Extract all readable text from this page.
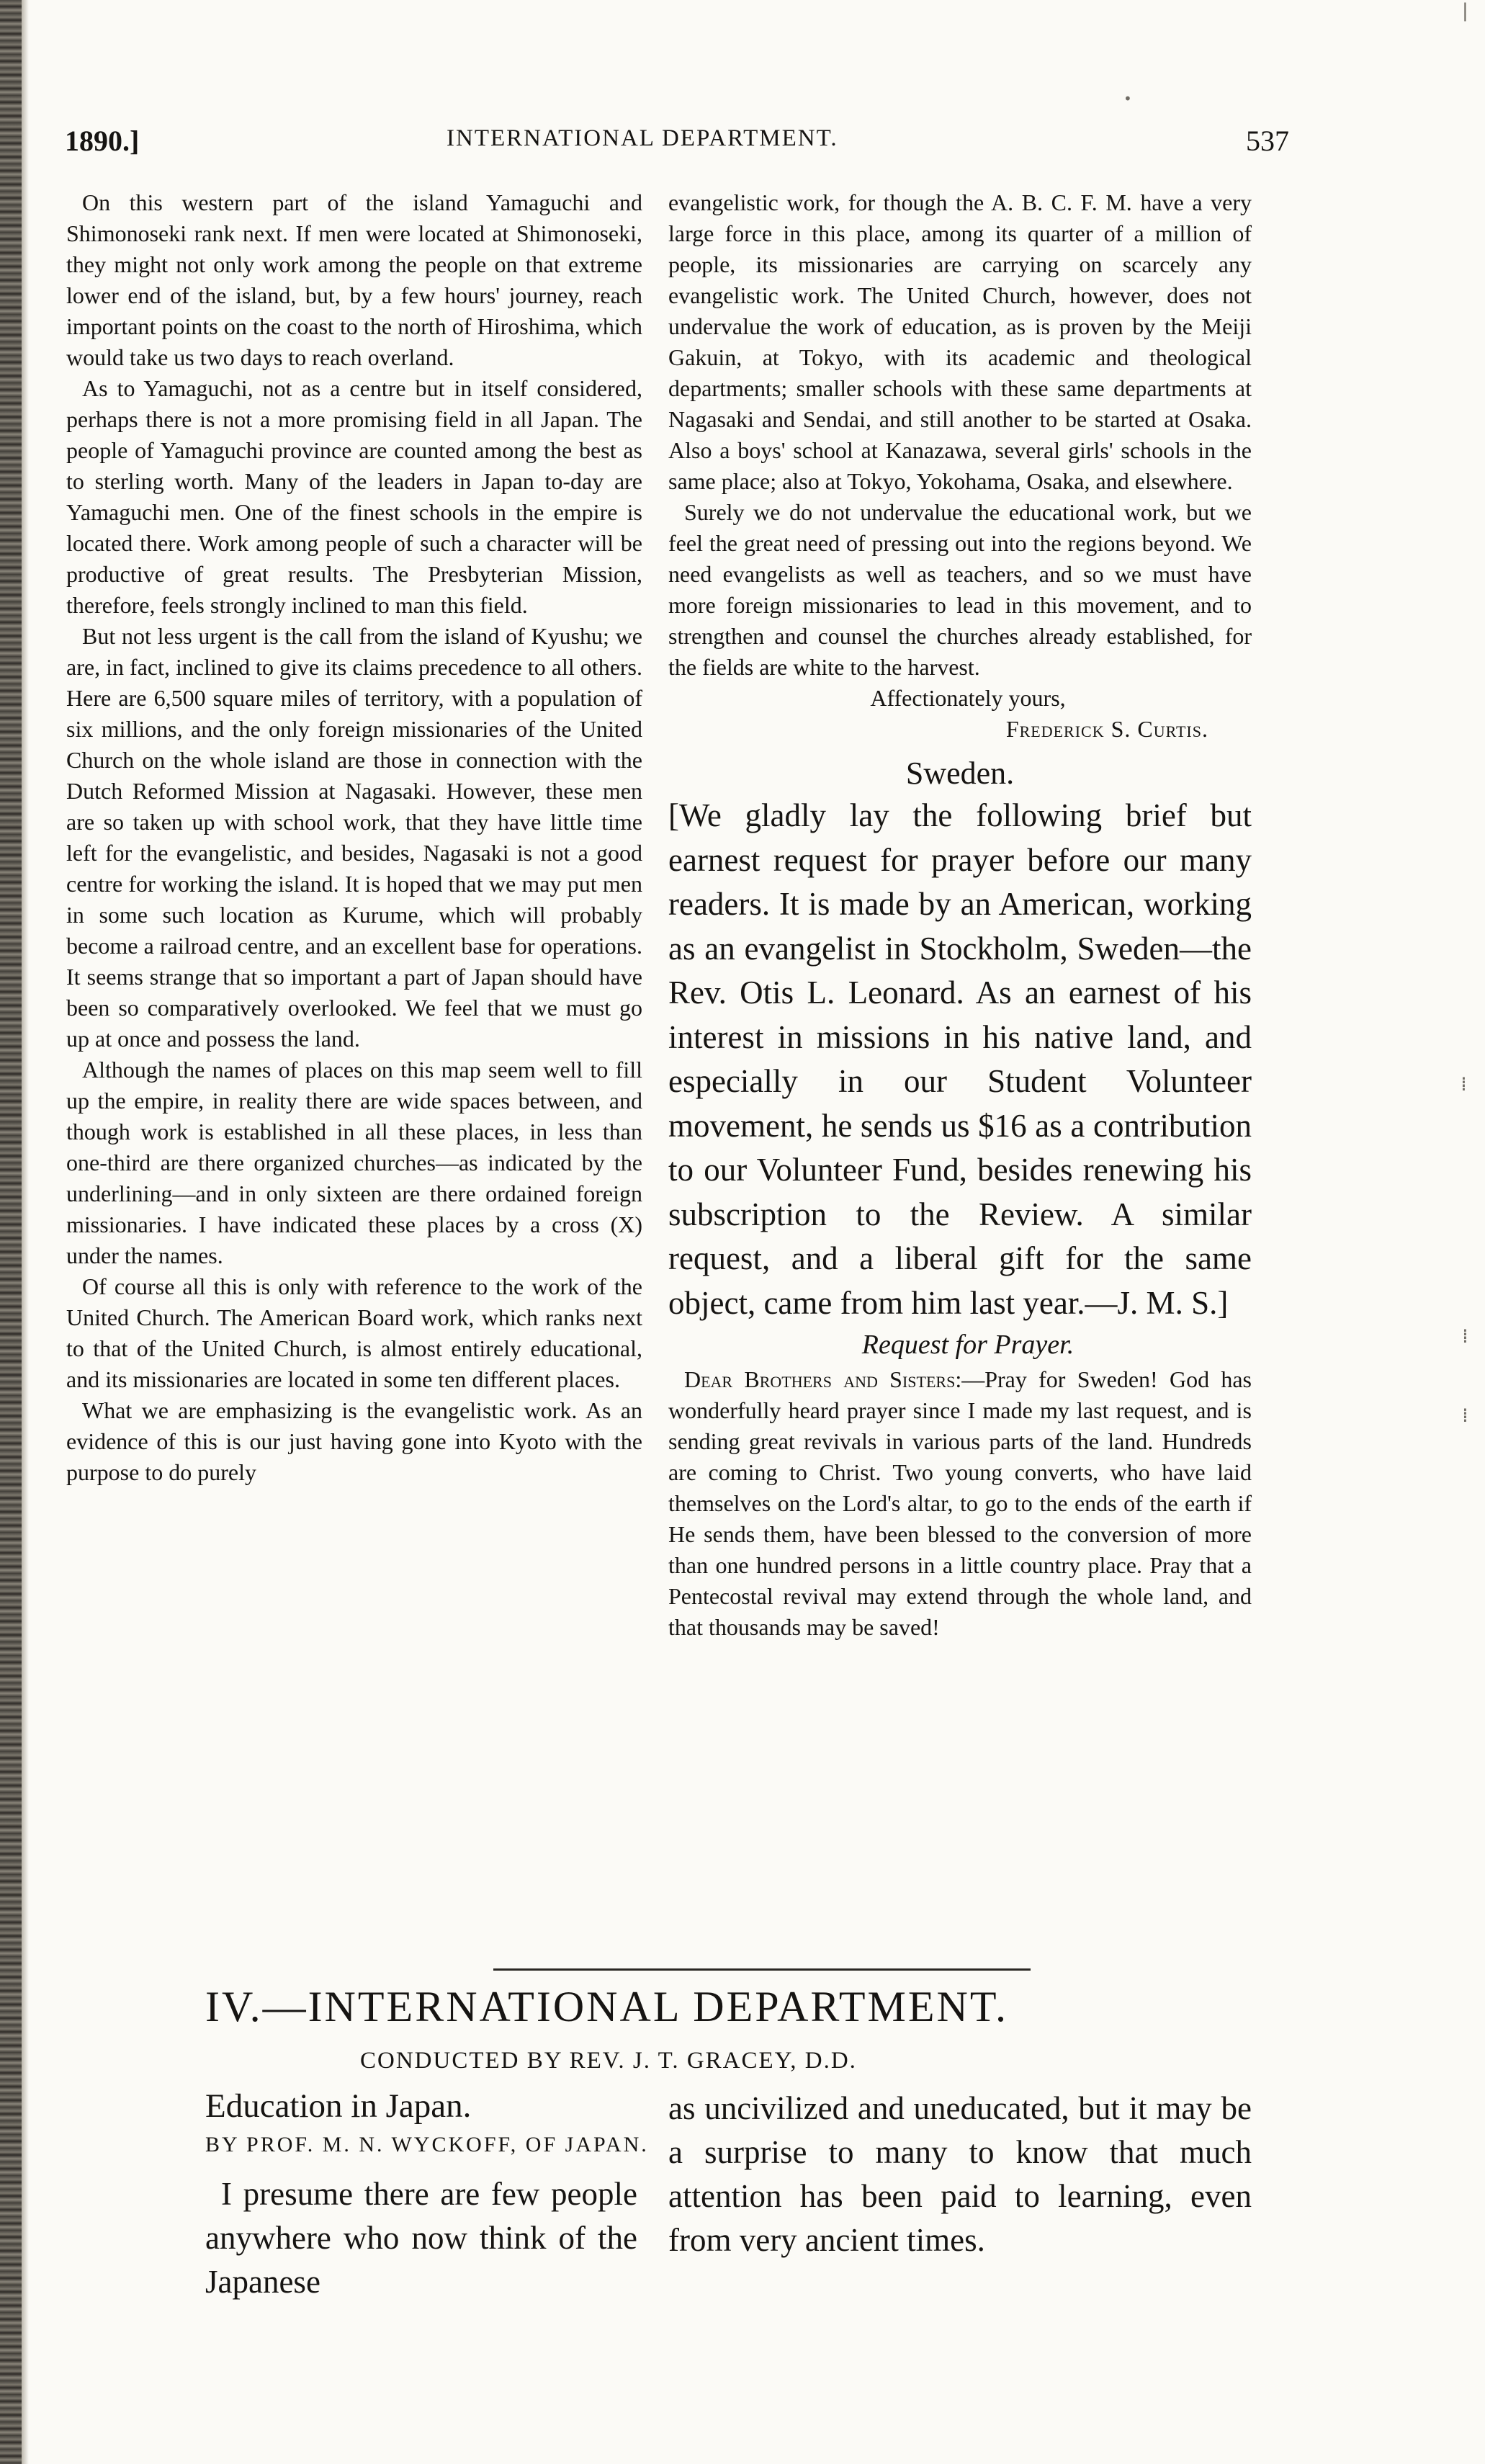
1890.]	INTERNATIONAL DEPARTMENT.	537

On this western part of the island Yamaguchi and Shimonoseki rank next. If men were located at Shimonoseki, they might not only work among the people on that extreme lower end of the island, but, by a few hours' journey, reach important points on the coast to the north of Hiroshima, which would take us two days to reach overland.

As to Yamaguchi, not as a centre but in itself considered, perhaps there is not a more promising field in all Japan. The people of Yamaguchi province are counted among the best as to sterling worth. Many of the leaders in Japan to-day are Yamaguchi men. One of the finest schools in the empire is located there. Work among people of such a character will be productive of great results. The Presbyterian Mission, therefore, feels strongly inclined to man this field.

But not less urgent is the call from the island of Kyushu; we are, in fact, inclined to give its claims precedence to all others. Here are 6,500 square miles of territory, with a population of six millions, and the only foreign missionaries of the United Church on the whole island are those in connection with the Dutch Reformed Mission at Nagasaki. However, these men are so taken up with school work, that they have little time left for the evangelistic, and besides, Nagasaki is not a good centre for working the island. It is hoped that we may put men in some such location as Kurume, which will probably become a railroad centre, and an excellent base for operations. It seems strange that so important a part of Japan should have been so comparatively overlooked. We feel that we must go up at once and possess the land.

Although the names of places on this map seem well to fill up the empire, in reality there are wide spaces between, and though work is established in all these places, in less than one-third are there organized churches—as indicated by the underlining—and in only sixteen are there ordained foreign missionaries. I have indicated these places by a cross (X) under the names.

Of course all this is only with reference to the work of the United Church. The American Board work, which ranks next to that of the United Church, is almost entirely educational, and its missionaries are located in some ten different places.

What we are emphasizing is the evangelistic work. As an evidence of this is our just having gone into Kyoto with the purpose to do purely

evangelistic work, for though the A. B. C. F. M. have a very large force in this place, among its quarter of a million of people, its missionaries are carrying on scarcely any evangelistic work. The United Church, however, does not undervalue the work of education, as is proven by the Meiji Gakuin, at Tokyo, with its academic and theological departments; smaller schools with these same departments at Nagasaki and Sendai, and still another to be started at Osaka. Also a boys' school at Kanazawa, several girls' schools in the same place; also at Tokyo, Yokohama, Osaka, and elsewhere.

Surely we do not undervalue the educational work, but we feel the great need of pressing out into the regions beyond. We need evangelists as well as teachers, and so we must have more foreign missionaries to lead in this movement, and to strengthen and counsel the churches already established, for the fields are white to the harvest.

Affectionately yours,

Frederick S. Curtis.

Sweden.

[We gladly lay the following brief but earnest request for prayer before our many readers. It is made by an American, working as an evangelist in Stockholm, Sweden—the Rev. Otis L. Leonard. As an earnest of his interest in missions in his native land, and especially in our Student Volunteer movement, he sends us $16 as a contribution to our Volunteer Fund, besides renewing his subscription to the Review. A similar request, and a liberal gift for the same object, came from him last year.—J. M. S.]

Request for Prayer.

Dear Brothers and Sisters:—Pray for Sweden! God has wonderfully heard prayer since I made my last request, and is sending great revivals in various parts of the land. Hundreds are coming to Christ. Two young converts, who have laid themselves on the Lord's altar, to go to the ends of the earth if He sends them, have been blessed to the conversion of more than one hundred persons in a little country place. Pray that a Pentecostal revival may extend through the whole land, and that thousands may be saved!

IV.—INTERNATIONAL DEPARTMENT.
CONDUCTED BY REV. J. T. GRACEY, D.D.
Education in Japan.
BY PROF. M. N. WYCKOFF, OF JAPAN.

I presume there are few people anywhere who now think of the Japanese

as uncivilized and uneducated, but it may be a surprise to many to know that much attention has been paid to learning, even from very ancient times.

•
|
⁞
⁞
⁞
